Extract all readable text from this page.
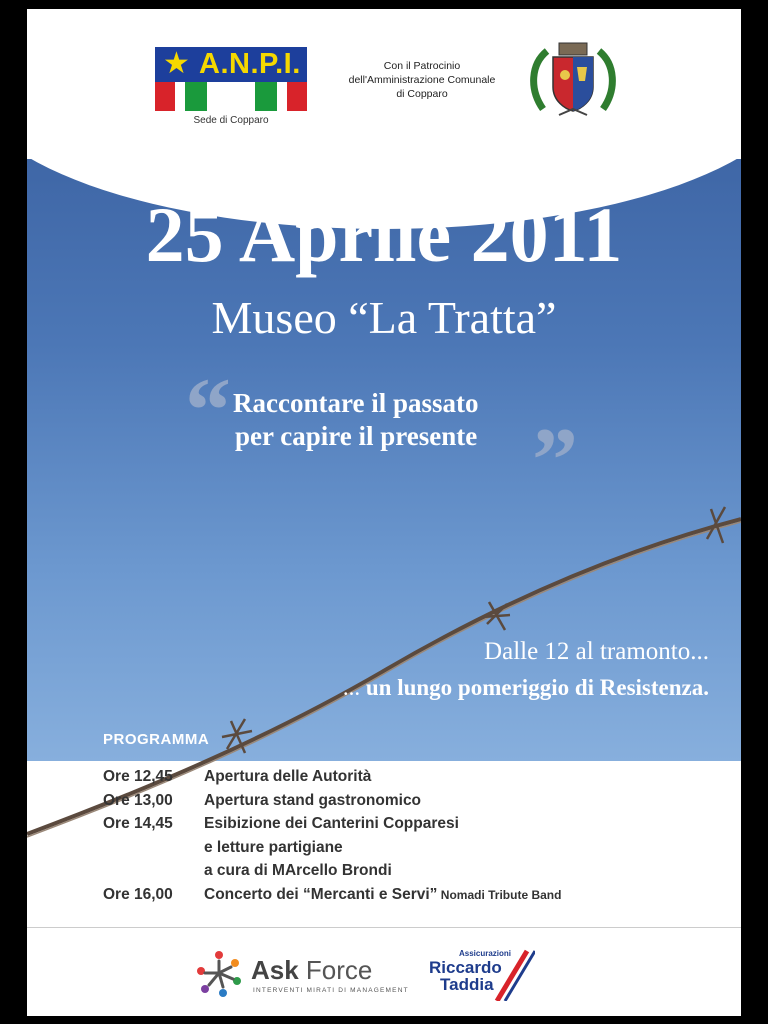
★ A.N.P.I.
Sede di Copparo
Con il Patrocinio
dell'Amministrazione Comunale
di Copparo
25 Aprile 2011
Museo “La Tratta”
“ Raccontare il passato
per capire il presente ”
Dalle 12 al tramonto...
... un lungo pomeriggio di Resistenza.
PROGRAMMA
Ore 12,45	Apertura delle Autorità
Ore 13,00	Apertura stand gastronomico
Ore 14,45	Esibizione dei Canterini Copparesi
e letture partigiane
a cura di MArcello Brondi
Ore 16,00	Concerto dei “Mercanti e Servi” Nomadi Tribute Band
Ask Force
INTERVENTI MIRATI DI MANAGEMENT
Assicurazioni
Riccardo
Taddia
